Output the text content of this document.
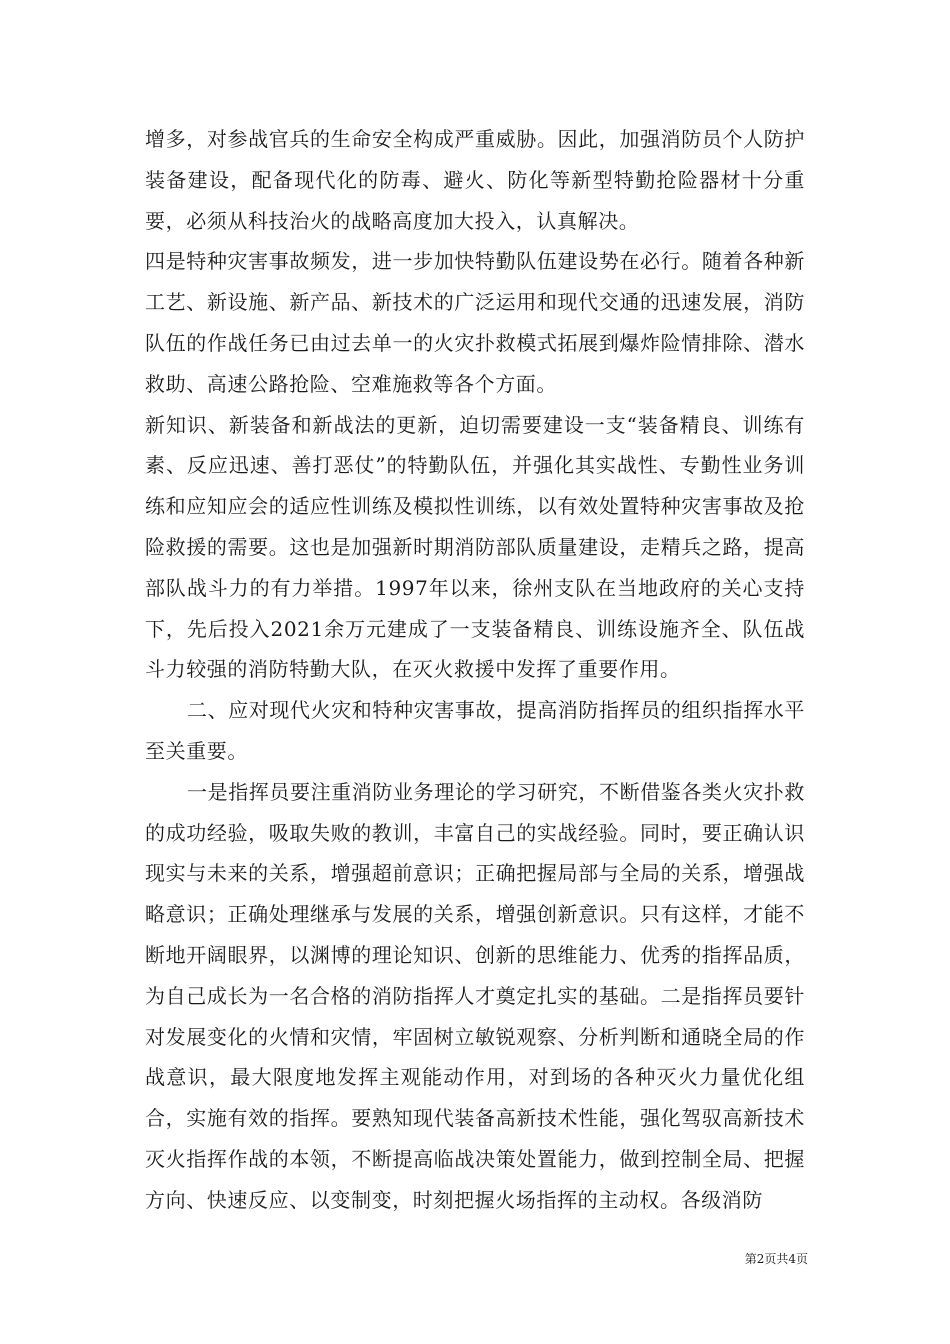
增多，对参战官兵的生命安全构成严重威胁。因此，加强消防员个人防护装备建设，配备现代化的防毒、避火、防化等新型特勤抢险器材十分重要，必须从科技治火的战略高度加大投入，认真解决。

四是特种灾害事故频发，进一步加快特勤队伍建设势在必行。随着各种新工艺、新设施、新产品、新技术的广泛运用和现代交通的迅速发展，消防队伍的作战任务已由过去单一的火灾扑救模式拓展到爆炸险情排除、潜水救助、高速公路抢险、空难施救等各个方面。

新知识、新装备和新战法的更新，迫切需要建设一支“装备精良、训练有素、反应迅速、善打恶仗”的特勤队伍，并强化其实战性、专勤性业务训练和应知应会的适应性训练及模拟性训练，以有效处置特种灾害事故及抢险救援的需要。这也是加强新时期消防部队质量建设，走精兵之路，提高部队战斗力的有力举措。1997年以来，徐州支队在当地政府的关心支持下，先后投入2021余万元建成了一支装备精良、训练设施齐全、队伍战斗力较强的消防特勤大队，在灭火救援中发挥了重要作用。

二、应对现代火灾和特种灾害事故，提高消防指挥员的组织指挥水平至关重要。

一是指挥员要注重消防业务理论的学习研究，不断借鉴各类火灾扑救的成功经验，吸取失败的教训，丰富自己的实战经验。同时，要正确认识现实与未来的关系，增强超前意识；正确把握局部与全局的关系，增强战略意识；正确处理继承与发展的关系，增强创新意识。只有这样，才能不断地开阔眼界，以渊博的理论知识、创新的思维能力、优秀的指挥品质，为自己成长为一名合格的消防指挥人才奠定扎实的基础。二是指挥员要针对发展变化的火情和灾情，牢固树立敏锐观察、分析判断和通晓全局的作战意识，最大限度地发挥主观能动作用，对到场的各种灭火力量优化组合，实施有效的指挥。要熟知现代装备高新技术性能，强化驾驭高新技术灭火指挥作战的本领，不断提高临战决策处置能力，做到控制全局、把握方向、快速反应、以变制变，时刻把握火场指挥的主动权。各级消防

第2页共4页
